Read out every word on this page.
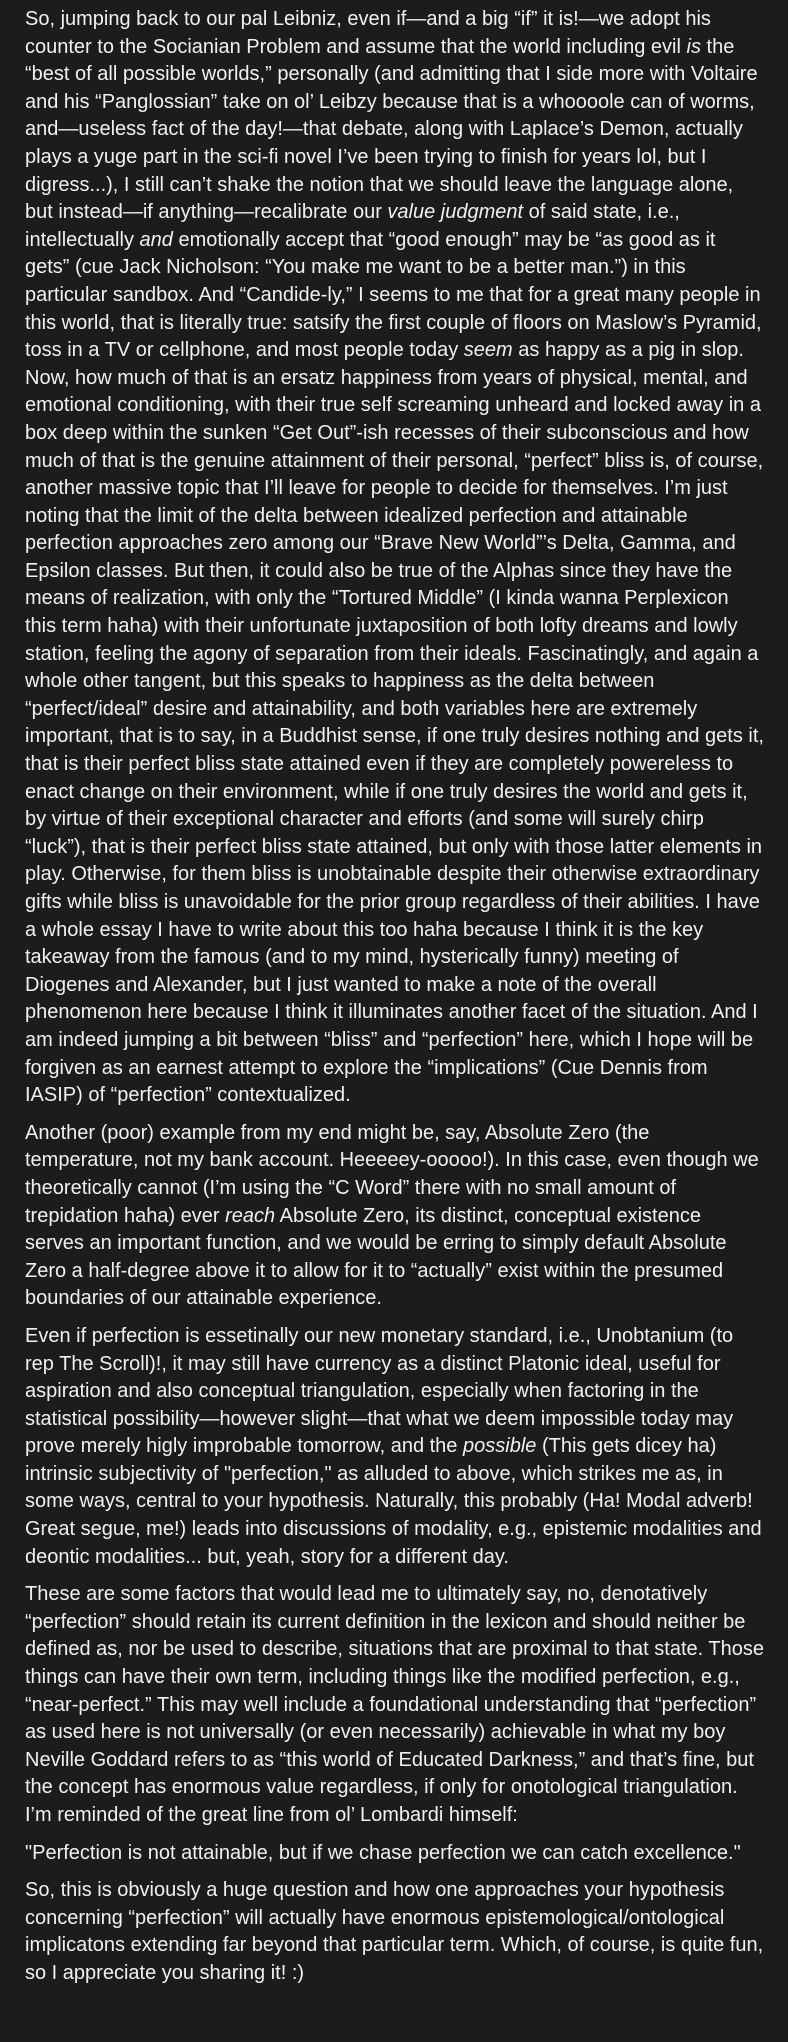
So, jumping back to our pal Leibniz, even if—and a big “if” it is!—we adopt his counter to the Socianian Problem and assume that the world including evil is the “best of all possible worlds,” personally (and admitting that I side more with Voltaire and his “Panglossian” take on ol’ Leibzy because that is a whoooole can of worms, and—useless fact of the day!—that debate, along with Laplace’s Demon, actually plays a yuge part in the sci-fi novel I’ve been trying to finish for years lol, but I digress...), I still can’t shake the notion that we should leave the language alone, but instead—if anything—recalibrate our value judgment of said state, i.e., intellectually and emotionally accept that “good enough” may be “as good as it gets” (cue Jack Nicholson: “You make me want to be a better man.”) in this particular sandbox. And “Candide-ly,” I seems to me that for a great many people in this world, that is literally true: satsify the first couple of floors on Maslow’s Pyramid, toss in a TV or cellphone, and most people today seem as happy as a pig in slop. Now, how much of that is an ersatz happiness from years of physical, mental, and emotional conditioning, with their true self screaming unheard and locked away in a box deep within the sunken “Get Out”-ish recesses of their subconscious and how much of that is the genuine attainment of their personal, “perfect” bliss is, of course, another massive topic that I’ll leave for people to decide for themselves. I’m just noting that the limit of the delta between idealized perfection and attainable perfection approaches zero among our “Brave New World”’s Delta, Gamma, and Epsilon classes. But then, it could also be true of the Alphas since they have the means of realization, with only the “Tortured Middle” (I kinda wanna Perplexicon this term haha) with their unfortunate juxtaposition of both lofty dreams and lowly station, feeling the agony of separation from their ideals. Fascinatingly, and again a whole other tangent, but this speaks to happiness as the delta between “perfect/ideal” desire and attainability, and both variables here are extremely important, that is to say, in a Buddhist sense, if one truly desires nothing and gets it, that is their perfect bliss state attained even if they are completely powereless to enact change on their environment, while if one truly desires the world and gets it, by virtue of their exceptional character and efforts (and some will surely chirp “luck”), that is their perfect bliss state attained, but only with those latter elements in play. Otherwise, for them bliss is unobtainable despite their otherwise extraordinary gifts while bliss is unavoidable for the prior group regardless of their abilities. I have a whole essay I have to write about this too haha because I think it is the key takeaway from the famous (and to my mind, hysterically funny) meeting of Diogenes and Alexander, but I just wanted to make a note of the overall phenomenon here because I think it illuminates another facet of the situation. And I am indeed jumping a bit between “bliss” and “perfection” here, which I hope will be forgiven as an earnest attempt to explore the “implications” (Cue Dennis from IASIP) of “perfection” contextualized.

Another (poor) example from my end might be, say, Absolute Zero (the temperature, not my bank account. Heeeeey-ooooo!). In this case, even though we theoretically cannot (I’m using the “C Word” there with no small amount of trepidation haha) ever reach Absolute Zero, its distinct, conceptual existence serves an important function, and we would be erring to simply default Absolute Zero a half-degree above it to allow for it to “actually” exist within the presumed boundaries of our attainable experience.

Even if perfection is essetinally our new monetary standard, i.e., Unobtanium (to rep The Scroll)!, it may still have currency as a distinct Platonic ideal, useful for aspiration and also conceptual triangulation, especially when factoring in the statistical possibility—however slight—that what we deem impossible today may prove merely higly improbable tomorrow, and the possible (This gets dicey ha) intrinsic subjectivity of "perfection," as alluded to above, which strikes me as, in some ways, central to your hypothesis. Naturally, this probably (Ha! Modal adverb! Great segue, me!) leads into discussions of modality, e.g., epistemic modalities and deontic modalities... but, yeah, story for a different day.

These are some factors that would lead me to ultimately say, no, denotatively “perfection” should retain its current definition in the lexicon and should neither be defined as, nor be used to describe, situations that are proximal to that state. Those things can have their own term, including things like the modified perfection, e.g., “near-perfect.” This may well include a foundational understanding that “perfection” as used here is not universally (or even necessarily) achievable in what my boy Neville Goddard refers to as “this world of Educated Darkness,” and that’s fine, but the concept has enormous value regardless, if only for onotological triangulation. I’m reminded of the great line from ol’ Lombardi himself:

"Perfection is not attainable, but if we chase perfection we can catch excellence."

So, this is obviously a huge question and how one approaches your hypothesis concerning “perfection” will actually have enormous epistemological/ontological implicatons extending far beyond that particular term. Which, of course, is quite fun, so I appreciate you sharing it! :)
